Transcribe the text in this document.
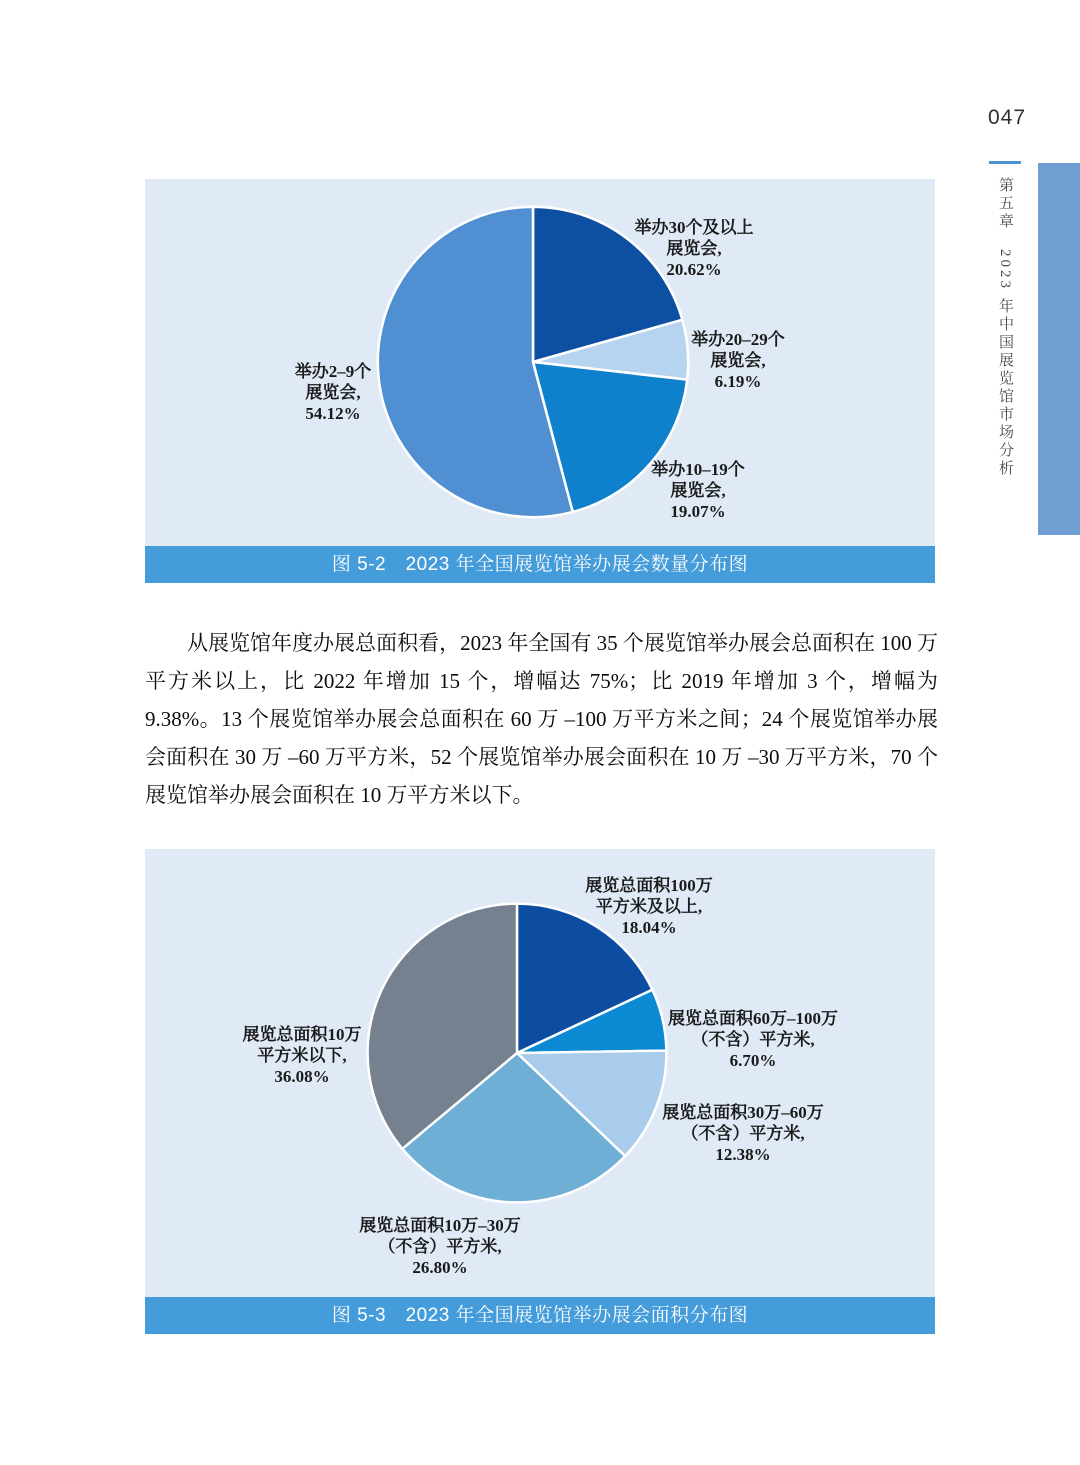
047
第五章　2023 年中国展览馆市场分析
举办30个及以上
展览会,
20.62%
举办20–29个
展览会,
6.19%
举办10–19个
展览会,
19.07%
举办2–9个
展览会,
54.12%
图 5-2　2023 年全国展览馆举办展会数量分布图

从展览馆年度办展总面积看，2023 年全国有 35 个展览馆举办展会总面积在 100 万平方米以上，比 2022 年增加 15 个，增幅达 75%；比 2019 年增加 3 个，增幅为 9.38%。13 个展览馆举办展会总面积在 60 万 –100 万平方米之间；24 个展览馆举办展会面积在 30 万 –60 万平方米，52 个展览馆举办展会面积在 10 万 –30 万平方米，70 个展览馆举办展会面积在 10 万平方米以下。

展览总面积100万
平方米及以上,
18.04%
展览总面积60万–100万
（不含）平方米,
6.70%
展览总面积30万–60万
（不含）平方米,
12.38%
展览总面积10万–30万
（不含）平方米,
26.80%
展览总面积10万
平方米以下,
36.08%
图 5-3　2023 年全国展览馆举办展会面积分布图
